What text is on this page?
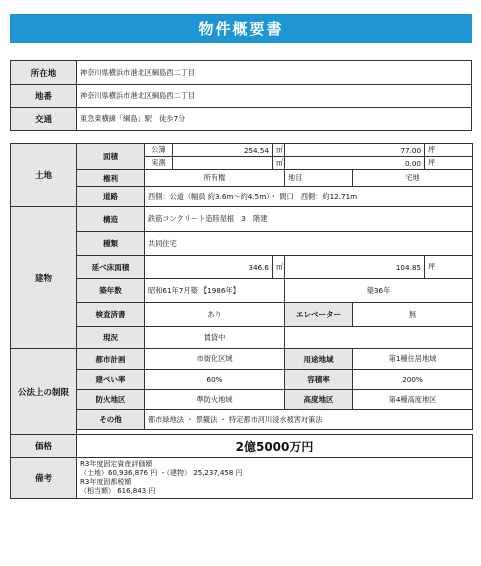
物件概要書
所在地	神奈川県横浜市港北区綱島西二丁目
地番	神奈川県横浜市港北区綱島西二丁目
交通	東急東横線「綱島」駅　徒歩7分
土地	面積	公簿	254.54	㎡	77.00		坪
		実測		㎡	0.00		坪
	権利	所有権			地目	宅地	
	道路	西側：公道（幅員 約3.6m～約4.5m）・ 間口　西側：約12.71m					
建物	構造	鉄筋コンクリート造陸屋根　3　階建					
	種類	共同住宅					
	延べ床面積	346.6		㎡	104.85		坪
	築年数	昭和61年7月築 【1986年】			築36年		
	検査済書	あり			エレベーター	無	
	現況	賃貸中					
公法上の制限	都市計画	市街化区域			用途地域	第1種住居地域	
	建ぺい率	60%			容積率	200%	
	防火地区	準防火地域			高度地区	第4種高度地区	
	その他	都市緑地法 ・ 景観法 ・ 特定都市河川浸水被害対策法					

価格	2億5000万円						
備考	R3年度固定資産評価額
（土地）60,936,876 円 ・（建物） 25,237,458 円
R3年度固都税額
（相当額） 616,843 円						
